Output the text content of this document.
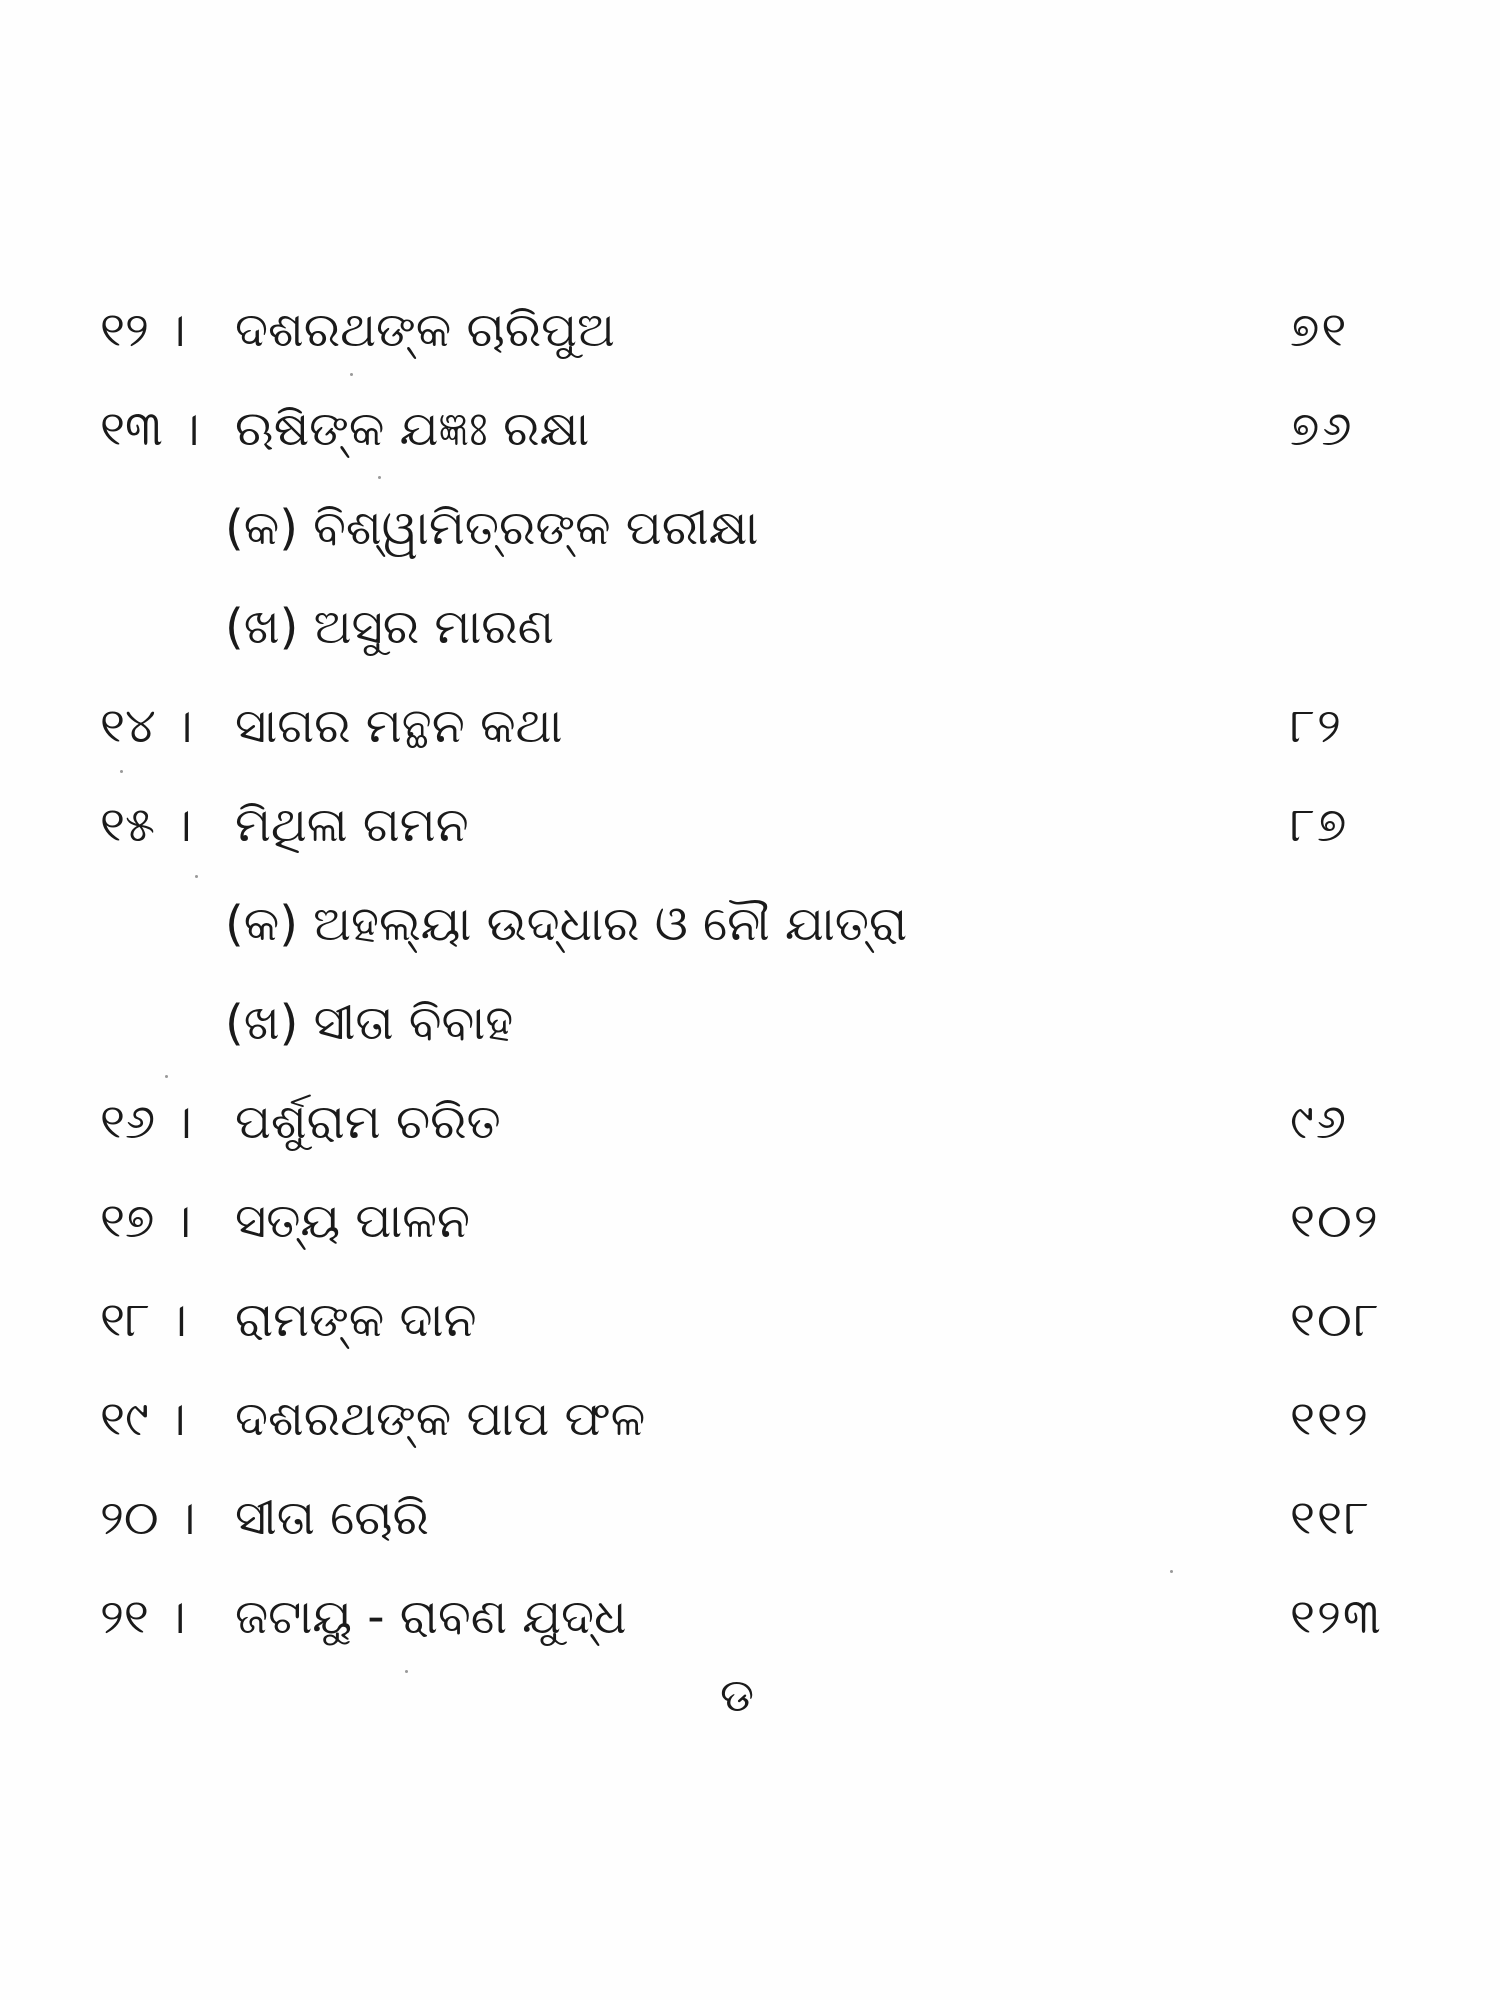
୧୨ । ଦଶରଥଙ୍କ ଚାରିପୁଅ	୭୧
୧୩ । ଋଷିଙ୍କ ଯଜ୍ଞଃ ରକ୍ଷା	୭୬
(କ) ବିଶ୍ୱାମିତ୍ରଙ୍କ ପରୀକ୍ଷା
(ଖ) ଅସୁର ମାରଣ
୧୪ । ସାଗର ମନ୍ଥନ କଥା	୮୨
୧୫ । ମିଥିଳା ଗମନ	୮୭
(କ) ଅହଲ୍ୟା ଉଦ୍ଧାର ଓ ନୌ ଯାତ୍ରା
(ଖ) ସୀତା ବିବାହ
୧୬ । ପର୍ଶୁରାମ ଚରିତ	୯୬
୧୭ । ସତ୍ୟ ପାଳନ	୧୦୨
୧୮ । ରାମଙ୍କ ଦାନ	୧୦୮
୧୯ । ଦଶରଥଙ୍କ ପାପ ଫଳ	୧୧୨
୨୦ । ସୀତା ଚୋରି	୧୧୮
୨୧ । ଜଟାୟୁ - ରାବଣ ଯୁଦ୍ଧ	୧୨୩
ଡ
